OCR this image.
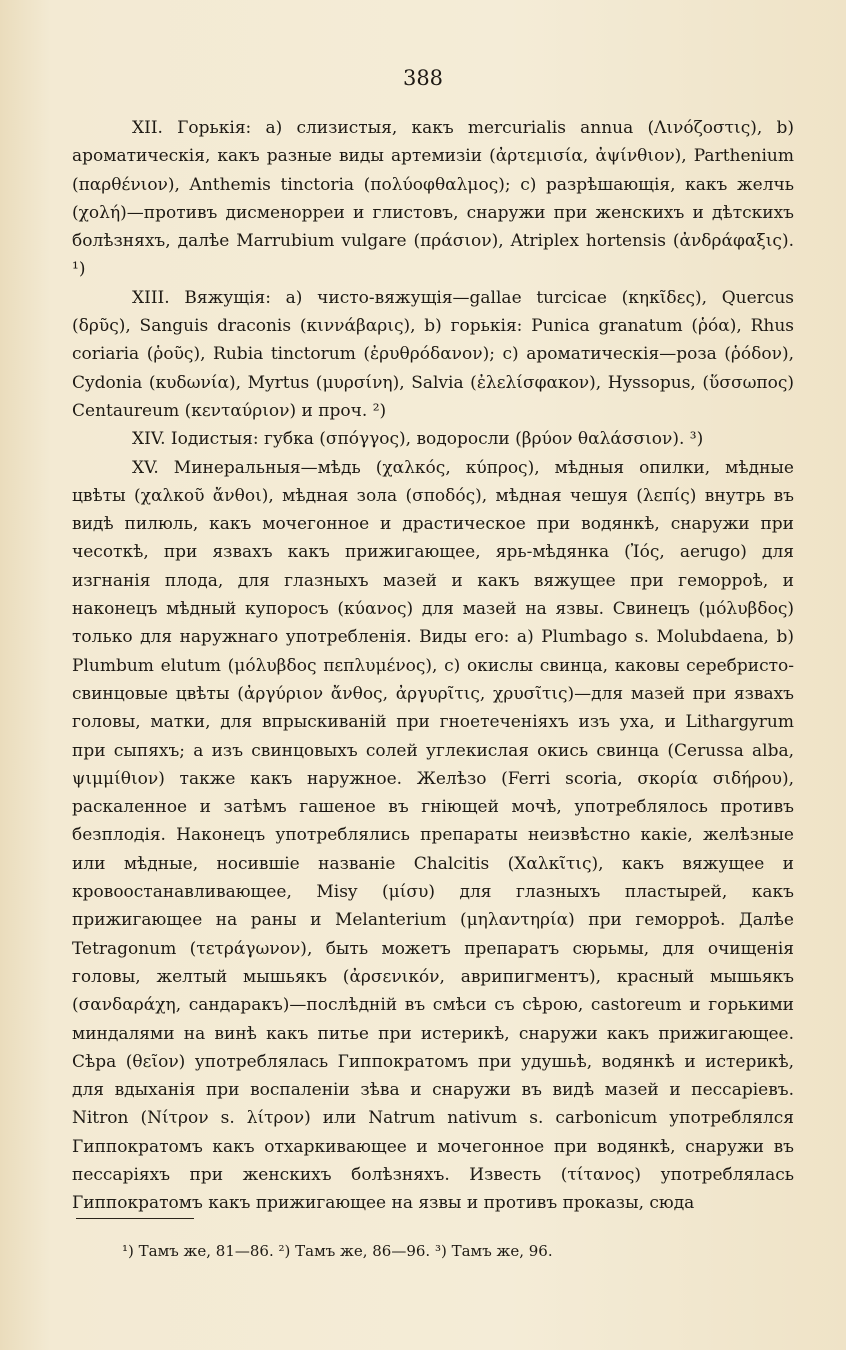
388

XII. Горькія: a) слизистыя, какъ mercurialis annua (Λινόζοστις), b) ароматическія, какъ разные виды артемизіи (ἀρτεμισία, ἀψίνθιον), Parthenium (παρθένιον), Anthemis tinctoria (πολύοφθαλμος); c) разрѣшающія, какъ желчь (χολή)—противъ дисменорреи и глистовъ, снаружи при женскихъ и дѣтскихъ болѣзняхъ, далѣе Marrubium vulgare (πράσιον), Atriplex hortensis (ἀνδράφαξις). ¹)

XIII. Вяжущія: a) чисто-вяжущія—gallae turcicae (κηκῖδες), Quercus (δρῦς), Sanguis draconis (κιννάβαρις), b) горькія: Punica granatum (ῥόα), Rhus coriaria (ῥοῦς), Rubia tinctorum (ἐρυθρόδανον); c) ароматическія—роза (ῥόδον), Cydonia (κυδωνία), Myrtus (μυρσίνη), Salvia (ἐλελίσφακον), Hyssopus, (ὕσσωπος) Centaureum (κενταύριον) и проч. ²)

XIV. Іодистыя: губка (σπόγγος), водоросли (βρύον θαλάσσιον). ³)

XV. Минеральныя—мѣдь (χαλκός, κύπρος), мѣдныя опилки, мѣдные цвѣты (χαλκοῦ ἄνθοι), мѣдная зола (σποδός), мѣдная чешуя (λεπίς) внутрь въ видѣ пилюль, какъ мочегонное и драстическое при водянкѣ, снаружи при чесоткѣ, при язвахъ какъ прижигающее, ярь-мѣдянка (Ἰός, aerugo) для изгнанія плода, для глазныхъ мазей и какъ вяжущее при геморроѣ, и наконецъ мѣдный купоросъ (κύανος) для мазей на язвы. Свинецъ (μόλυβδος) только для наружнаго употребленія. Виды его: a) Plumbago s. Molubdaena, b) Plumbum elutum (μόλυβδος πεπλυμένος), c) окислы свинца, каковы серебристо-свинцовые цвѣты (ἀργύριον ἄνθος, ἀργυρῖτις, χρυσῖτις)—для мазей при язвахъ головы, матки, для впрыскиваній при гноетеченіяхъ изъ уха, и Lithargyrum при сыпяхъ; а изъ свинцовыхъ солей углекислая окись свинца (Cerussa alba, ψιμμίθιον) также какъ наружное. Желѣзо (Ferri scoria, σκορία σιδήρου), раскаленное и затѣмъ гашеное въ гніющей мочѣ, употреблялось противъ безплодія. Наконецъ употреблялись препараты неизвѣстно какіе, желѣзные или мѣдные, носившіе названіе Chalcitis (Χαλκῖτις), какъ вяжущее и кровоостанавливающее, Misy (μίσυ) для глазныхъ пластырей, какъ прижигающее на раны и Melanterium (μηλαντηρία) при геморроѣ. Далѣе Tetragonum (τετράγωνον), быть можетъ препаратъ сюрьмы, для очищенія головы, желтый мышьякъ (ἀρσενικόν, аврипигментъ), красный мышьякъ (σανδαράχη, сандаракъ)—послѣдній въ смѣси съ сѣрою, castoreum и горькими миндалями на винѣ какъ питье при истерикѣ, снаружи какъ прижигающее. Сѣра (θεῖον) употреблялась Гиппократомъ при удушьѣ, водянкѣ и истерикѣ, для вдыханія при воспаленіи зѣва и снаружи въ видѣ мазей и пессаріевъ. Nitron (Νίτρον s. λίτρον) или Natrum nativum s. carbonicum употреблялся Гиппократомъ какъ отхаркивающее и мочегонное при водянкѣ, снаружи въ пессаріяхъ при женскихъ болѣзняхъ. Известь (τίτανος) употреблялась Гиппократомъ какъ прижигающее на язвы и противъ проказы, сюда

¹) Тамъ же, 81—86. ²) Тамъ же, 86—96. ³) Тамъ же, 96.
